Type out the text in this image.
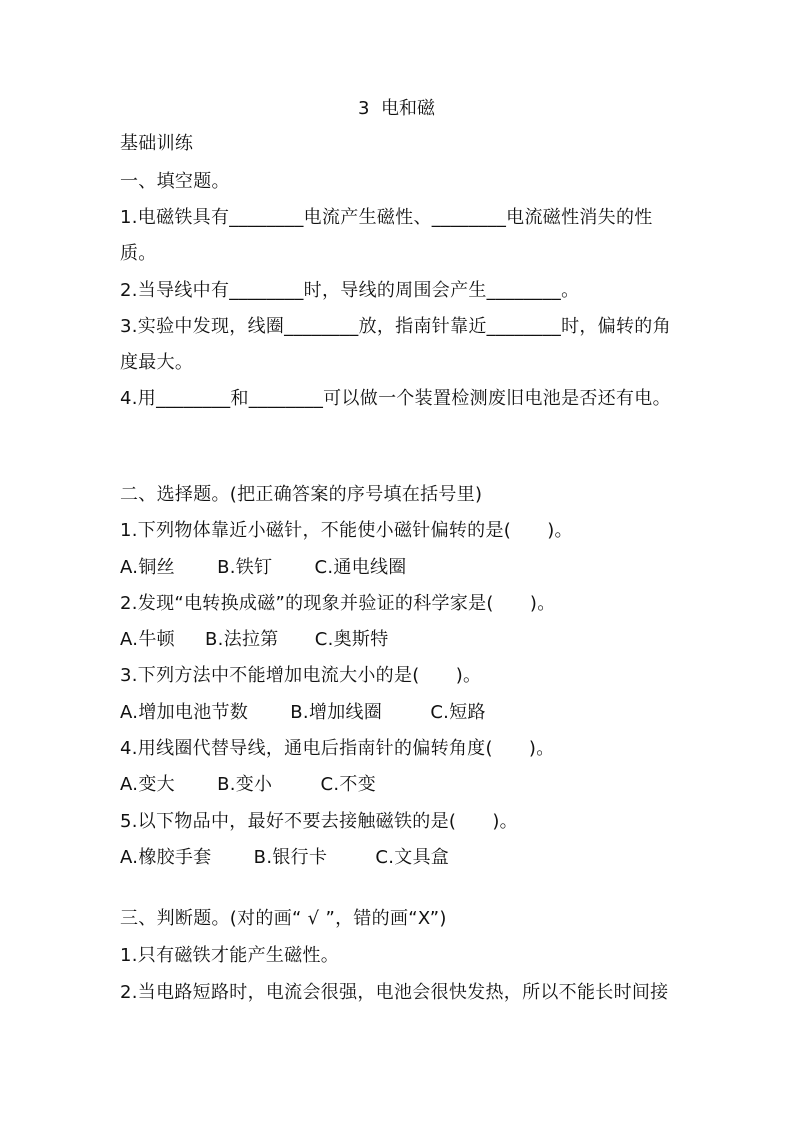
3  电和磁
基础训练
一、填空题。
1.电磁铁具有________电流产生磁性、________电流磁性消失的性
质。
2.当导线中有________时，导线的周围会产生________。
3.实验中发现，线圈________放，指南针靠近________时，偏转的角
度最大。
4.用________和________可以做一个装置检测废旧电池是否还有电。
二、选择题。(把正确答案的序号填在括号里)
1.下列物体靠近小磁针，不能使小磁针偏转的是(      )。
A.铜丝       B.铁钉       C.通电线圈
2.发现“电转换成磁”的现象并验证的科学家是(      )。
A.牛顿     B.法拉第      C.奥斯特
3.下列方法中不能增加电流大小的是(      )。
A.增加电池节数       B.增加线圈        C.短路
4.用线圈代替导线，通电后指南针的偏转角度(      )。
A.变大       B.变小        C.不变
5.以下物品中，最好不要去接触磁铁的是(      )。
A.橡胶手套       B.银行卡        C.文具盒
三、判断题。(对的画“ √ ”，错的画“X”)
1.只有磁铁才能产生磁性。
2.当电路短路时，电流会很强，电池会很快发热，所以不能长时间接
